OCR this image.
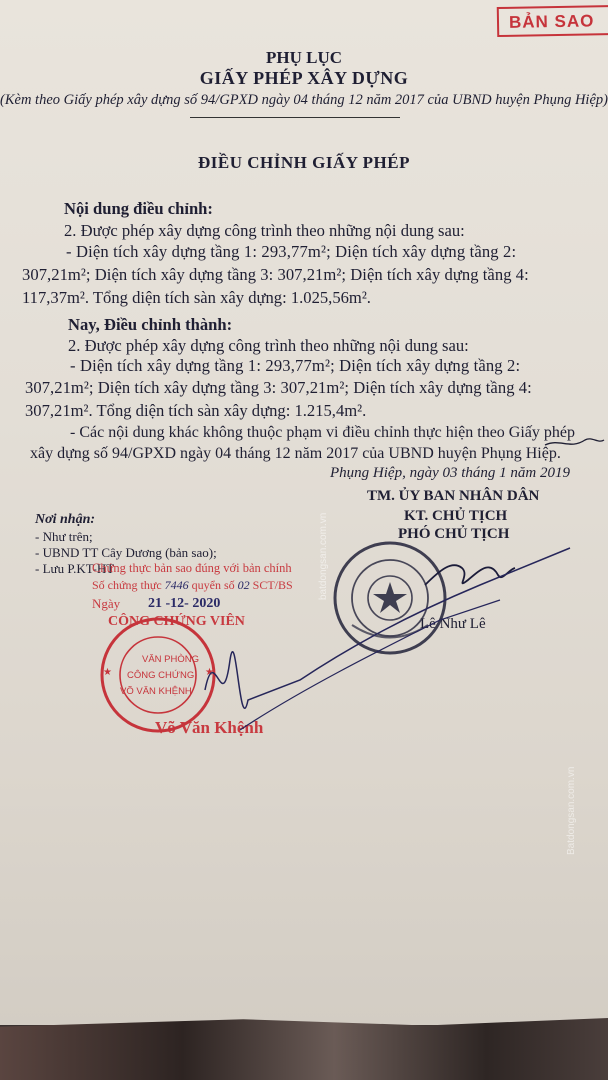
BẢN SAO
PHỤ LỤC
GIẤY PHÉP XÂY DỰNG
(Kèm theo Giấy phép xây dựng số 94/GPXD ngày 04 tháng 12 năm 2017 của UBND huyện Phụng Hiệp)
ĐIỀU CHỈNH GIẤY PHÉP
Nội dung điều chỉnh:
2. Được phép xây dựng công trình theo những nội dung sau:
- Diện tích xây dựng tầng 1: 293,77m²; Diện tích xây dựng tầng 2:
307,21m²; Diện tích xây dựng tầng 3: 307,21m²; Diện tích xây dựng tầng 4:
117,37m². Tổng diện tích sàn xây dựng: 1.025,56m².
Nay, Điều chỉnh thành:
2. Được phép xây dựng công trình theo những nội dung sau:
- Diện tích xây dựng tầng 1: 293,77m²; Diện tích xây dựng tầng 2:
307,21m²; Diện tích xây dựng tầng 3: 307,21m²; Diện tích xây dựng tầng 4:
307,21m². Tổng diện tích sàn xây dựng: 1.215,4m².
- Các nội dung khác không thuộc phạm vi điều chỉnh thực hiện theo Giấy phép
xây dựng số 94/GPXD ngày 04 tháng 12 năm 2017 của UBND huyện Phụng Hiệp.
Phụng Hiệp, ngày 03 tháng 1 năm 2019
TM. ỦY BAN NHÂN DÂN
KT. CHỦ TỊCH
PHÓ CHỦ TỊCH
Nơi nhận:
- Như trên;
- UBND TT Cây Dương (bản sao);
- Lưu P.KT-HT
Chứng thực bản sao đúng với bản chính
Số chứng thực 7446 quyển số 02 SCT/BS
Ngày 21 -12- 2020
CÔNG CHỨNG VIÊN
Võ Văn Khệnh
Lê Như Lê
VĂN PHÒNG
CÔNG CHỨNG
VÕ VĂN KHỆNH
★	★
batdongsan.com.vn
Batdongsan.com.vn
